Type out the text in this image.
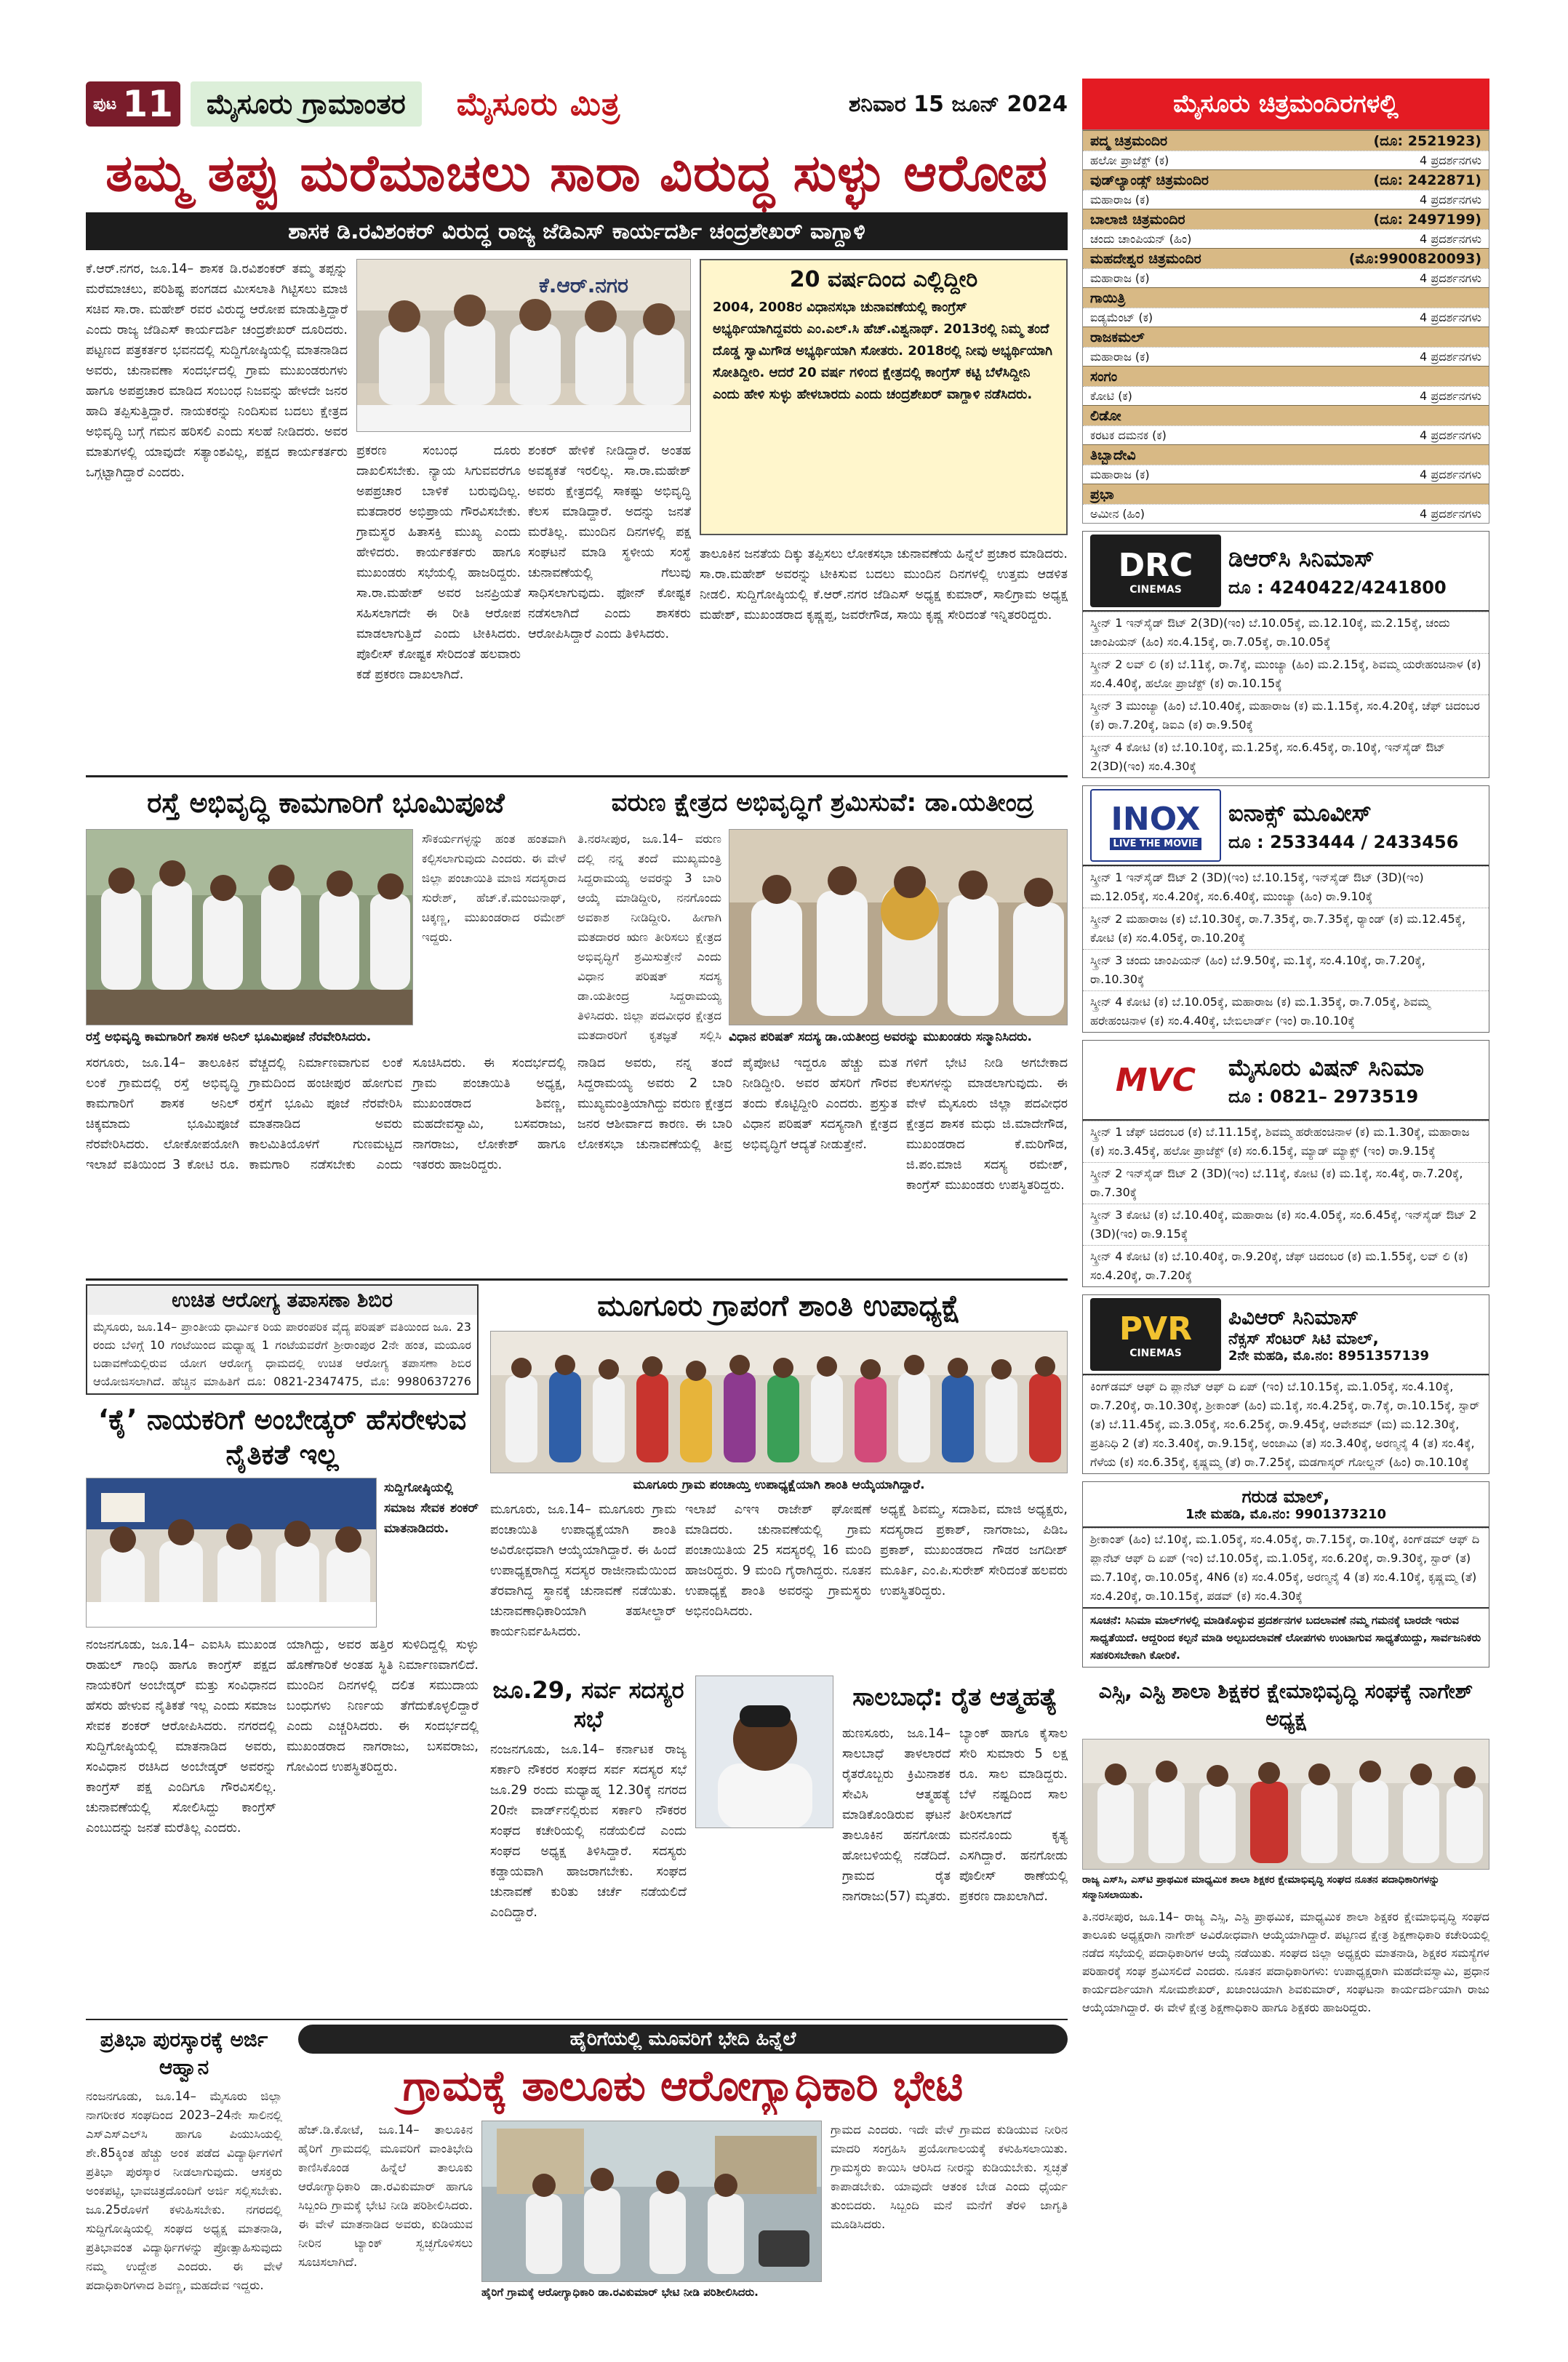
ಪುಟ 11	ಮೈಸೂರು ಗ್ರಾಮಾಂತರ	ಮೈಸೂರು ಮಿತ್ರ	ಶನಿವಾರ 15 ಜೂನ್ 2024
ತಮ್ಮ ತಪ್ಪು ಮರೆಮಾಚಲು ಸಾರಾ ವಿರುದ್ಧ ಸುಳ್ಳು ಆರೋಪ
ಶಾಸಕ ಡಿ.ರವಿಶಂಕರ್ ವಿರುದ್ಧ ರಾಜ್ಯ ಜೆಡಿಎಸ್ ಕಾರ್ಯದರ್ಶಿ ಚಂದ್ರಶೇಖರ್ ವಾಗ್ದಾಳಿ
ಕೆ.ಆರ್.ನಗರ, ಜೂ.14– ಶಾಸಕ ಡಿ.ರವಿಶಂಕರ್ ತಮ್ಮ ತಪ್ಪನ್ನು ಮರೆಮಾಚಲು, ಪರಿಶಿಷ್ಟ ಪಂಗಡದ ಮೀಸಲಾತಿ ಗಿಟ್ಟಿಸಲು ಮಾಜಿ ಸಚಿವ ಸಾ.ರಾ. ಮಹೇಶ್ ರವರ ವಿರುದ್ಧ ಆರೋಪ ಮಾಡುತ್ತಿದ್ದಾರೆ ಎಂದು ರಾಜ್ಯ ಜೆಡಿಎಸ್ ಕಾರ್ಯದರ್ಶಿ ಚಂದ್ರಶೇಖರ್ ದೂರಿದರು. ಪಟ್ಟಣದ ಪತ್ರಕರ್ತರ ಭವನದಲ್ಲಿ ಸುದ್ದಿಗೋಷ್ಠಿಯಲ್ಲಿ ಮಾತನಾಡಿದ ಅವರು, ಚುನಾವಣಾ ಸಂದರ್ಭದಲ್ಲಿ ಗ್ರಾಮ ಮುಖಂಡರುಗಳು ಹಾಗೂ ಅಪಪ್ರಚಾರ ಮಾಡಿದ ಸಂಬಂಧ ನಿಜವನ್ನು ಹೇಳದೇ ಜನರ ಹಾದಿ ತಪ್ಪಿಸುತ್ತಿದ್ದಾರೆ. ನಾಯಕರನ್ನು ನಿಂದಿಸುವ ಬದಲು ಕ್ಷೇತ್ರದ ಅಭಿವೃದ್ಧಿ ಬಗ್ಗೆ ಗಮನ ಹರಿಸಲಿ ಎಂದು ಸಲಹೆ ನೀಡಿದರು. ಅವರ ಮಾತುಗಳಲ್ಲಿ ಯಾವುದೇ ಸತ್ಯಾಂಶವಿಲ್ಲ, ಪಕ್ಷದ ಕಾರ್ಯಕರ್ತರು ಒಗ್ಗಟ್ಟಾಗಿದ್ದಾರೆ ಎಂದರು.
ಕೆ.ಆರ್.ನಗರ
ಪ್ರಕರಣ ಸಂಬಂಧ ದೂರು ದಾಖಲಿಸಬೇಕು. ನ್ಯಾಯ ಸಿಗುವವರೆಗೂ ಅಪಪ್ರಚಾರ ಬಾಳಿಕೆ ಬರುವುದಿಲ್ಲ. ಮತದಾರರ ಅಭಿಪ್ರಾಯ ಗೌರವಿಸಬೇಕು. ಗ್ರಾಮಸ್ಥರ ಹಿತಾಸಕ್ತಿ ಮುಖ್ಯ ಎಂದು ಹೇಳಿದರು. ಕಾರ್ಯಕರ್ತರು ಹಾಗೂ ಮುಖಂಡರು ಸಭೆಯಲ್ಲಿ ಹಾಜರಿದ್ದರು. ಸಾ.ರಾ.ಮಹೇಶ್ ಅವರ ಜನಪ್ರಿಯತೆ ಸಹಿಸಲಾಗದೇ ಈ ರೀತಿ ಆರೋಪ ಮಾಡಲಾಗುತ್ತಿದೆ ಎಂದು ಟೀಕಿಸಿದರು. ಪೊಲೀಸ್ ಕೋಷ್ಟಕ ಸೇರಿದಂತೆ ಹಲವಾರು ಕಡೆ ಪ್ರಕರಣ ದಾಖಲಾಗಿದೆ.
ಶಂಕರ್ ಹೇಳಿಕೆ ನೀಡಿದ್ದಾರೆ. ಅಂತಹ ಅವಶ್ಯಕತೆ ಇರಲಿಲ್ಲ. ಸಾ.ರಾ.ಮಹೇಶ್ ಅವರು ಕ್ಷೇತ್ರದಲ್ಲಿ ಸಾಕಷ್ಟು ಅಭಿವೃದ್ಧಿ ಕೆಲಸ ಮಾಡಿದ್ದಾರೆ. ಅದನ್ನು ಜನತೆ ಮರೆತಿಲ್ಲ. ಮುಂದಿನ ದಿನಗಳಲ್ಲಿ ಪಕ್ಷ ಸಂಘಟನೆ ಮಾಡಿ ಸ್ಥಳೀಯ ಸಂಸ್ಥೆ ಚುನಾವಣೆಯಲ್ಲಿ ಗೆಲುವು ಸಾಧಿಸಲಾಗುವುದು. ಫೋನ್ ಕೋಷ್ಟಕ ನಡೆಸಲಾಗಿದೆ ಎಂದು ಶಾಸಕರು ಆರೋಪಿಸಿದ್ದಾರೆ ಎಂದು ತಿಳಿಸಿದರು.
20 ವರ್ಷದಿಂದ ಎಲ್ಲಿದ್ದೀರಿ
2004, 2008ರ ವಿಧಾನಸಭಾ ಚುನಾವಣೆಯಲ್ಲಿ ಕಾಂಗ್ರೆಸ್ ಅಭ್ಯರ್ಥಿಯಾಗಿದ್ದವರು ಎಂ.ಎಲ್.ಸಿ ಹೆಚ್.ವಿಶ್ವನಾಥ್. 2013ರಲ್ಲಿ ನಿಮ್ಮ ತಂದೆ ದೊಡ್ಡ ಸ್ವಾಮಿಗೌಡ ಅಭ್ಯರ್ಥಿಯಾಗಿ ಸೋತರು. 2018ರಲ್ಲಿ ನೀವು ಅಭ್ಯರ್ಥಿಯಾಗಿ ಸೋತಿದ್ದೀರಿ. ಆದರೆ 20 ವರ್ಷ ಗಳಿಂದ ಕ್ಷೇತ್ರದಲ್ಲಿ ಕಾಂಗ್ರೆಸ್ ಕಟ್ಟಿ ಬೆಳೆಸಿದ್ದೀನಿ ಎಂದು ಹೇಳಿ ಸುಳ್ಳು ಹೇಳಬಾರದು ಎಂದು ಚಂದ್ರಶೇಖರ್ ವಾಗ್ದಾಳಿ ನಡೆಸಿದರು.
ತಾಲೂಕಿನ ಜನತೆಯ ದಿಕ್ಕು ತಪ್ಪಿಸಲು ಲೋಕಸಭಾ ಚುನಾವಣೆಯ ಹಿನ್ನೆಲೆ ಪ್ರಚಾರ ಮಾಡಿದರು. ಸಾ.ರಾ.ಮಹೇಶ್ ಅವರನ್ನು ಟೀಕಿಸುವ ಬದಲು ಮುಂದಿನ ದಿನಗಳಲ್ಲಿ ಉತ್ತಮ ಆಡಳಿತ ನೀಡಲಿ. ಸುದ್ದಿಗೋಷ್ಠಿಯಲ್ಲಿ ಕೆ.ಆರ್.ನಗರ ಜೆಡಿಎಸ್ ಅಧ್ಯಕ್ಷ ಕುಮಾರ್, ಸಾಲಿಗ್ರಾಮ ಅಧ್ಯಕ್ಷ ಮಹೇಶ್, ಮುಖಂಡರಾದ ಕೃಷ್ಣಪ್ಪ, ಜವರೇಗೌಡ, ಸಾಯಿ ಕೃಷ್ಣ ಸೇರಿದಂತೆ ಇನ್ನಿತರರಿದ್ದರು.
ರಸ್ತೆ ಅಭಿವೃದ್ಧಿ ಕಾಮಗಾರಿಗೆ ಭೂಮಿಪೂಜೆ
ಸೌಕರ್ಯಗಳ್ಳನ್ನು ಹಂತ ಹಂತವಾಗಿ ಕಲ್ಪಿಸಲಾಗುವುದು ಎಂದರು. ಈ ವೇಳೆ ಜಿಲ್ಲಾ ಪಂಚಾಯಿತಿ ಮಾಜಿ ಸದಸ್ಯರಾದ ಸುರೇಶ್, ಹೆಚ್.ಕೆ.ಮಂಜುನಾಥ್, ಚಿಕ್ಕಣ್ಣ, ಮುಖಂಡರಾದ ರಮೇಶ್ ಇದ್ದರು.
ರಸ್ತೆ ಅಭಿವೃದ್ಧಿ ಕಾಮಗಾರಿಗೆ ಶಾಸಕ ಅನಿಲ್ ಭೂಮಿಪೂಜೆ ನೆರವೇರಿಸಿದರು.
ಸರಗೂರು, ಜೂ.14– ತಾಲೂಕಿನ ಲಂಕೆ ಗ್ರಾಮದಲ್ಲಿ ರಸ್ತೆ ಅಭಿವೃದ್ಧಿ ಕಾಮಗಾರಿಗೆ ಶಾಸಕ ಅನಿಲ್ ಚಿಕ್ಕಮಾದು ಭೂಮಿಪೂಜೆ ನೆರವೇರಿಸಿದರು. ಲೋಕೋಪಯೋಗಿ ಇಲಾಖೆ ವತಿಯಿಂದ 3 ಕೋಟಿ ರೂ. ವೆಚ್ಚದಲ್ಲಿ ನಿರ್ಮಾಣವಾಗುವ ಲಂಕೆ ಗ್ರಾಮದಿಂದ ಹಂಚೀಪುರ ಹೋಗುವ ರಸ್ತೆಗೆ ಭೂಮಿ ಪೂಜೆ ನೆರವೇರಿಸಿ ಮಾತನಾಡಿದ ಅವರು ಕಾಲಮಿತಿಯೊಳಗೆ ಗುಣಮಟ್ಟದ ಕಾಮಗಾರಿ ನಡೆಸಬೇಕು ಎಂದು ಸೂಚಿಸಿದರು. ಈ ಸಂದರ್ಭದಲ್ಲಿ ಗ್ರಾಮ ಪಂಚಾಯಿತಿ ಅಧ್ಯಕ್ಷ, ಮುಖಂಡರಾದ ಶಿವಣ್ಣ, ಮಹದೇವಸ್ವಾಮಿ, ಬಸವರಾಜು, ನಾಗರಾಜು, ಲೋಕೇಶ್ ಹಾಗೂ ಇತರರು ಹಾಜರಿದ್ದರು.
ವರುಣ ಕ್ಷೇತ್ರದ ಅಭಿವೃದ್ಧಿಗೆ ಶ್ರಮಿಸುವೆ: ಡಾ.ಯತೀಂದ್ರ
ತಿ.ನರಸೀಪುರ, ಜೂ.14– ವರುಣ ದಲ್ಲಿ ನನ್ನ ತಂದೆ ಮುಖ್ಯಮಂತ್ರಿ ಸಿದ್ದರಾಮಯ್ಯ ಅವರನ್ನು 3 ಬಾರಿ ಆಯ್ಕೆ ಮಾಡಿದ್ದೀರಿ, ನನಗೊಂದು ಅವಕಾಶ ನೀಡಿದ್ದೀರಿ. ಹೀಗಾಗಿ ಮತದಾರರ ಋಣ ತೀರಿಸಲು ಕ್ಷೇತ್ರದ ಅಭಿವೃದ್ಧಿಗೆ ಶ್ರಮಿಸುತ್ತೇನೆ ಎಂದು ವಿಧಾನ ಪರಿಷತ್ ಸದಸ್ಯ ಡಾ.ಯತೀಂದ್ರ ಸಿದ್ದರಾಮಯ್ಯ ತಿಳಿಸಿದರು. ಜಿಲ್ಲಾ ಪದವೀಧರ ಕ್ಷೇತ್ರದ ಮತದಾರರಿಗೆ ಕೃತಜ್ಞತೆ ಸಲ್ಲಿಸಿ ವಿಧಾನ ಪರಿಷತ್ ಸದಸ್ಯ ಡಾ.ಯತೀಂದ್ರ ಅವರನ್ನು ಮುಖಂಡರು ಸನ್ಮಾನಿಸಿದರು.
ನಾಡಿದ ಅವರು, ನನ್ನ ತಂದೆ ಸಿದ್ದರಾಮಯ್ಯ ಅವರು 2 ಬಾರಿ ಮುಖ್ಯಮಂತ್ರಿಯಾಗಿದ್ದು ವರುಣ ಕ್ಷೇತ್ರದ ಜನರ ಆಶೀರ್ವಾದ ಕಾರಣ. ಈ ಬಾರಿ ಲೋಕಸಭಾ ಚುನಾವಣೆಯಲ್ಲಿ ತೀವ್ರ ಪೈಪೋಟಿ ಇದ್ದರೂ ಹೆಚ್ಚು ಮತ ನೀಡಿದ್ದೀರಿ. ಅವರ ಹೆಸರಿಗೆ ಗೌರವ ತಂದು ಕೊಟ್ಟಿದ್ದೀರಿ ಎಂದರು. ಪ್ರಸ್ತುತ ವಿಧಾನ ಪರಿಷತ್ ಸದಸ್ಯನಾಗಿ ಕ್ಷೇತ್ರದ ಅಭಿವೃದ್ಧಿಗೆ ಆದ್ಯತೆ ನೀಡುತ್ತೇನೆ.
ಗಳಿಗೆ ಭೇಟಿ ನೀಡಿ ಅಗಬೇಕಾದ ಕೆಲಸಗಳನ್ನು ಮಾಡಲಾಗುವುದು. ಈ ವೇಳೆ ಮೈಸೂರು ಜಿಲ್ಲಾ ಪದವೀಧರ ಕ್ಷೇತ್ರದ ಶಾಸಕ ಮಧು ಜಿ.ಮಾದೇಗೌಡ, ಮುಖಂಡರಾದ ಕೆ.ಮರಿಗೌಡ, ಜಿ.ಪಂ.ಮಾಜಿ ಸದಸ್ಯ ರಮೇಶ್, ಕಾಂಗ್ರೆಸ್ ಮುಖಂಡರು ಉಪಸ್ಥಿತರಿದ್ದರು.
ಉಚಿತ ಆರೋಗ್ಯ ತಪಾಸಣಾ ಶಿಬಿರ
ಮೈಸೂರು, ಜೂ.14– ಪ್ರಾಂತೀಯ ಧಾರ್ಮಿಕ ರಿಯ ಪಾರಂಪರಿಕ ವೈದ್ಯ ಪರಿಷತ್ ವತಿಯಿಂದ ಜೂ. 23 ರಂದು ಬೆಳಿಗ್ಗೆ 10 ಗಂಟೆಯಿಂದ ಮಧ್ಯಾಹ್ನ 1 ಗಂಟೆಯವರೆಗೆ ಶ್ರೀರಾಂಪುರ 2ನೇ ಹಂತ, ಮಯೂರ ಬಡಾವಣೆಯಲ್ಲಿರುವ ಯೋಗ ಆರೋಗ್ಯ ಧಾಮದಲ್ಲಿ ಉಚಿತ ಆರೋಗ್ಯ ತಪಾಸಣಾ ಶಿಬಿರ ಆಯೋಜಿಸಲಾಗಿದೆ. ಹೆಚ್ಚಿನ ಮಾಹಿತಿಗೆ ದೂ: 0821-2347475, ಮೊ: 9980637276
ಮೂಗೂರು ಗ್ರಾಪಂಗೆ ಶಾಂತಿ ಉಪಾಧ್ಯಕ್ಷೆ
ಮೂಗೂರು ಗ್ರಾಮ ಪಂಚಾಯ್ತಿ ಉಪಾಧ್ಯಕ್ಷೆಯಾಗಿ ಶಾಂತಿ ಆಯ್ಕೆಯಾಗಿದ್ದಾರೆ.
ಮೂಗೂರು, ಜೂ.14– ಮೂಗೂರು ಗ್ರಾಮ ಪಂಚಾಯಿತಿ ಉಪಾಧ್ಯಕ್ಷೆಯಾಗಿ ಶಾಂತಿ ಅವಿರೋಧವಾಗಿ ಆಯ್ಕೆಯಾಗಿದ್ದಾರೆ. ಈ ಹಿಂದೆ ಉಪಾಧ್ಯಕ್ಷರಾಗಿದ್ದ ಸದಸ್ಯರ ರಾಜೀನಾಮೆಯಿಂದ ತೆರವಾಗಿದ್ದ ಸ್ಥಾನಕ್ಕೆ ಚುನಾವಣೆ ನಡೆಯಿತು. ಚುನಾವಣಾಧಿಕಾರಿಯಾಗಿ ತಹಸೀಲ್ದಾರ್ ಕಾರ್ಯನಿರ್ವಹಿಸಿದರು.
ಇಲಾಖೆ ಎಇಇ ರಾಜೇಶ್ ಘೋಷಣೆ ಮಾಡಿದರು. ಚುನಾವಣೆಯಲ್ಲಿ ಗ್ರಾಮ ಪಂಚಾಯಿತಿಯ 25 ಸದಸ್ಯರಲ್ಲಿ 16 ಮಂದಿ ಹಾಜರಿದ್ದರು. 9 ಮಂದಿ ಗೈರಾಗಿದ್ದರು. ನೂತನ ಉಪಾಧ್ಯಕ್ಷೆ ಶಾಂತಿ ಅವರನ್ನು ಗ್ರಾಮಸ್ಥರು ಅಭಿನಂದಿಸಿದರು.
ಅಧ್ಯಕ್ಷೆ ಶಿವಮ್ಮ, ಸದಾಶಿವ, ಮಾಜಿ ಅಧ್ಯಕ್ಷರು, ಸದಸ್ಯರಾದ ಪ್ರಕಾಶ್, ನಾಗರಾಜು, ಪಿಡಿಒ ಪ್ರಕಾಶ್, ಮುಖಂಡರಾದ ಗೌಡರ ಜಗದೀಶ್ ಮೂರ್ತಿ, ಎಂ.ಪಿ.ಸುರೇಶ್ ಸೇರಿದಂತೆ ಹಲವರು ಉಪಸ್ಥಿತರಿದ್ದರು.
‘ಕೈ’ ನಾಯಕರಿಗೆ ಅಂಬೇಡ್ಕರ್ ಹೆಸರೇಳುವ ನೈತಿಕತೆ ಇಲ್ಲ
ಸುದ್ದಿಗೋಷ್ಠಿಯಲ್ಲಿ ಸಮಾಜ ಸೇವಕ ಶಂಕರ್ ಮಾತನಾಡಿದರು.
ನಂಜನಗೂಡು, ಜೂ.14– ಎಐಸಿಸಿ ಮುಖಂಡ ರಾಹುಲ್ ಗಾಂಧಿ ಹಾಗೂ ಕಾಂಗ್ರೆಸ್ ಪಕ್ಷದ ನಾಯಕರಿಗೆ ಅಂಬೇಡ್ಕರ್ ಮತ್ತು ಸಂವಿಧಾನದ ಹೆಸರು ಹೇಳುವ ನೈತಿಕತೆ ಇಲ್ಲ ಎಂದು ಸಮಾಜ ಸೇವಕ ಶಂಕರ್ ಆರೋಪಿಸಿದರು. ನಗರದಲ್ಲಿ ಸುದ್ದಿಗೋಷ್ಠಿಯಲ್ಲಿ ಮಾತನಾಡಿದ ಅವರು, ಸಂವಿಧಾನ ರಚಿಸಿದ ಅಂಬೇಡ್ಕರ್ ಅವರನ್ನು ಕಾಂಗ್ರೆಸ್ ಪಕ್ಷ ಎಂದಿಗೂ ಗೌರವಿಸಲಿಲ್ಲ. ಚುನಾವಣೆಯಲ್ಲಿ ಸೋಲಿಸಿದ್ದು ಕಾಂಗ್ರೆಸ್ ಎಂಬುದನ್ನು ಜನತೆ ಮರೆತಿಲ್ಲ ಎಂದರು.
ಯಾಗಿದ್ದು, ಅವರ ಹತ್ತಿರ ಸುಳಿದಿದ್ದಲ್ಲಿ ಸುಳ್ಳು ಹೊಣೆಗಾರಿಕೆ ಅಂತಹ ಸ್ಥಿತಿ ನಿರ್ಮಾಣವಾಗಲಿದೆ. ಮುಂದಿನ ದಿನಗಳಲ್ಲಿ ದಲಿತ ಸಮುದಾಯ ಬಂಧುಗಳು ನಿರ್ಣಯ ತೆಗೆದುಕೊಳ್ಳಲಿದ್ದಾರೆ ಎಂದು ಎಚ್ಚರಿಸಿದರು. ಈ ಸಂದರ್ಭದಲ್ಲಿ ಮುಖಂಡರಾದ ನಾಗರಾಜು, ಬಸವರಾಜು, ಗೋವಿಂದ ಉಪಸ್ಥಿತರಿದ್ದರು.
ಜೂ.29, ಸರ್ವ ಸದಸ್ಯರ ಸಭೆ
ನಂಜನಗೂಡು, ಜೂ.14– ಕರ್ನಾಟಕ ರಾಜ್ಯ ಸರ್ಕಾರಿ ನೌಕರರ ಸಂಘದ ಸರ್ವ ಸದಸ್ಯರ ಸಭೆ ಜೂ.29 ರಂದು ಮಧ್ಯಾಹ್ನ 12.30ಕ್ಕೆ ನಗರದ 20ನೇ ವಾರ್ಡ್‌ನಲ್ಲಿರುವ ಸರ್ಕಾರಿ ನೌಕರರ ಸಂಘದ ಕಚೇರಿಯಲ್ಲಿ ನಡೆಯಲಿದೆ ಎಂದು ಸಂಘದ ಅಧ್ಯಕ್ಷ ತಿಳಿಸಿದ್ದಾರೆ. ಸದಸ್ಯರು ಕಡ್ಡಾಯವಾಗಿ ಹಾಜರಾಗಬೇಕು. ಸಂಘದ ಚುನಾವಣೆ ಕುರಿತು ಚರ್ಚೆ ನಡೆಯಲಿದೆ ಎಂದಿದ್ದಾರೆ.
ಸಾಲಬಾಧೆ: ರೈತ ಆತ್ಮಹತ್ಯೆ
ಹುಣಸೂರು, ಜೂ.14– ಸಾಲಬಾಧೆ ತಾಳಲಾರದೆ ರೈತರೊಬ್ಬರು ಕ್ರಿಮಿನಾಶಕ ಸೇವಿಸಿ ಆತ್ಮಹತ್ಯೆ ಮಾಡಿಕೊಂಡಿರುವ ಘಟನೆ ತಾಲೂಕಿನ ಹನಗೋಡು ಹೋಬಳಿಯಲ್ಲಿ ನಡೆದಿದೆ. ಗ್ರಾಮದ ರೈತ ನಾಗರಾಜು(57) ಮೃತರು. ಬ್ಯಾಂಕ್ ಹಾಗೂ ಕೈಸಾಲ ಸೇರಿ ಸುಮಾರು 5 ಲಕ್ಷ ರೂ. ಸಾಲ ಮಾಡಿದ್ದರು. ಬೆಳೆ ನಷ್ಟದಿಂದ ಸಾಲ ತೀರಿಸಲಾಗದೆ ಮನನೊಂದು ಕೃತ್ಯ ಎಸಗಿದ್ದಾರೆ. ಹನಗೋಡು ಪೊಲೀಸ್ ಠಾಣೆಯಲ್ಲಿ ಪ್ರಕರಣ ದಾಖಲಾಗಿದೆ.
ಪ್ರತಿಭಾ ಪುರಸ್ಕಾರಕ್ಕೆ ಅರ್ಜಿ ಆಹ್ವಾನ
ನಂಜನಗೂಡು, ಜೂ.14– ಮೈಸೂರು ಜಿಲ್ಲಾ ನಾಗರೀಕರ ಸಂಘದಿಂದ 2023–24ನೇ ಸಾಲಿನಲ್ಲಿ ಎಸ್ಎಸ್ಎಲ್‌ಸಿ ಹಾಗೂ ಪಿಯುಸಿಯಲ್ಲಿ ಶೇ.85ಕ್ಕಿಂತ ಹೆಚ್ಚು ಅಂಕ ಪಡೆದ ವಿದ್ಯಾರ್ಥಿಗಳಿಗೆ ಪ್ರತಿಭಾ ಪುರಸ್ಕಾರ ನೀಡಲಾಗುವುದು. ಆಸಕ್ತರು ಅಂಕಪಟ್ಟಿ, ಭಾವಚಿತ್ರದೊಂದಿಗೆ ಅರ್ಜಿ ಸಲ್ಲಿಸಬೇಕು. ಜೂ.25ರೊಳಗೆ ಕಳುಹಿಸಬೇಕು. ನಗರದಲ್ಲಿ ಸುದ್ದಿಗೋಷ್ಠಿಯಲ್ಲಿ ಸಂಘದ ಅಧ್ಯಕ್ಷ ಮಾತನಾಡಿ, ಪ್ರತಿಭಾವಂತ ವಿದ್ಯಾರ್ಥಿಗಳನ್ನು ಪ್ರೋತ್ಸಾಹಿಸುವುದು ನಮ್ಮ ಉದ್ದೇಶ ಎಂದರು. ಈ ವೇಳೆ ಪದಾಧಿಕಾರಿಗಳಾದ ಶಿವಣ್ಣ, ಮಹದೇವ ಇದ್ದರು.
ಹೈರಿಗೆಯಲ್ಲಿ ಮೂವರಿಗೆ ಭೇದಿ ಹಿನ್ನೆಲೆ
ಗ್ರಾಮಕ್ಕೆ ತಾಲೂಕು ಆರೋಗ್ಯಾಧಿಕಾರಿ ಭೇಟಿ
ಹೆಚ್.ಡಿ.ಕೋಟೆ, ಜೂ.14– ತಾಲೂಕಿನ ಹೈರಿಗೆ ಗ್ರಾಮದಲ್ಲಿ ಮೂವರಿಗೆ ವಾಂತಿಭೇದಿ ಕಾಣಿಸಿಕೊಂಡ ಹಿನ್ನೆಲೆ ತಾಲೂಕು ಆರೋಗ್ಯಾಧಿಕಾರಿ ಡಾ.ರವಿಕುಮಾರ್ ಹಾಗೂ ಸಿಬ್ಬಂದಿ ಗ್ರಾಮಕ್ಕೆ ಭೇಟಿ ನೀಡಿ ಪರಿಶೀಲಿಸಿದರು. ಈ ವೇಳೆ ಮಾತನಾಡಿದ ಅವರು, ಕುಡಿಯುವ ನೀರಿನ ಟ್ಯಾಂಕ್ ಸ್ವಚ್ಛಗೊಳಿಸಲು ಸೂಚಿಸಲಾಗಿದೆ.
ಹೈರಿಗೆ ಗ್ರಾಮಕ್ಕೆ ಆರೋಗ್ಯಾಧಿಕಾರಿ ಡಾ.ರವಿಕುಮಾರ್ ಭೇಟಿ ನೀಡಿ ಪರಿಶೀಲಿಸಿದರು.
ಗ್ರಾಮದ ಎಂದರು. ಇದೇ ವೇಳೆ ಗ್ರಾಮದ ಕುಡಿಯುವ ನೀರಿನ ಮಾದರಿ ಸಂಗ್ರಹಿಸಿ ಪ್ರಯೋಗಾಲಯಕ್ಕೆ ಕಳುಹಿಸಲಾಯಿತು. ಗ್ರಾಮಸ್ಥರು ಕಾಯಿಸಿ ಆರಿಸಿದ ನೀರನ್ನು ಕುಡಿಯಬೇಕು. ಸ್ವಚ್ಛತೆ ಕಾಪಾಡಬೇಕು. ಯಾವುದೇ ಆತಂಕ ಬೇಡ ಎಂದು ಧೈರ್ಯ ತುಂಬಿದರು. ಸಿಬ್ಬಂದಿ ಮನೆ ಮನೆಗೆ ತೆರಳಿ ಜಾಗೃತಿ ಮೂಡಿಸಿದರು.
ಮೈಸೂರು ಚಿತ್ರಮಂದಿರಗಳಲ್ಲಿ
ಪದ್ಮ ಚಿತ್ರಮಂದಿರ	(ದೂ: 2521923)
ಹಲೋ ಪ್ರಾಜೆಕ್ಟ್ (ಕ)	4 ಪ್ರದರ್ಶನಗಳು
ವುಡ್‌ಲ್ಯಾಂಡ್ಸ್ ಚಿತ್ರಮಂದಿರ	(ದೂ: 2422871)
ಮಹಾರಾಜ (ಕ)	4 ಪ್ರದರ್ಶನಗಳು
ಬಾಲಾಜಿ ಚಿತ್ರಮಂದಿರ	(ದೂ: 2497199)
ಚಂದು ಚಾಂಪಿಯನ್ (ಹಿಂ)	4 ಪ್ರದರ್ಶನಗಳು
ಮಹದೇಶ್ವರ ಚಿತ್ರಮಂದಿರ	(ಮೊ:9900820093)
ಮಹಾರಾಜ (ಕ)	4 ಪ್ರದರ್ಶನಗಳು
ಗಾಯಿತ್ರಿ
ಐಡ್ಯಮೆಂಟ್ (ಕ)	4 ಪ್ರದರ್ಶನಗಳು
ರಾಜಕಮಲ್
ಮಹಾರಾಜ (ಕ)	4 ಪ್ರದರ್ಶನಗಳು
ಸಂಗಂ
ಕೋಟಿ (ಕ)	4 ಪ್ರದರ್ಶನಗಳು
ಲಿಡೋ
ಕರಟಕ ದಮನಕ (ಕ)	4 ಪ್ರದರ್ಶನಗಳು
ತಿಬ್ಬಾದೇವಿ
ಮಹಾರಾಜ (ಕ)	4 ಪ್ರದರ್ಶನಗಳು
ಪ್ರಭಾ
ಅಮೀನ (ಹಿಂ)	4 ಪ್ರದರ್ಶನಗಳು
DRC
CINEMAS
ಡಿಆರ್‌ಸಿ ಸಿನಿಮಾಸ್
ದೂ : 4240422/4241800
ಸ್ಕ್ರೀನ್ 1 ಇನ್‌ಸೈಡ್ ಔಟ್ 2(3D)(ಇಂ) ಬೆ.10.05ಕ್ಕೆ, ಮ.12.10ಕ್ಕೆ, ಮ.2.15ಕ್ಕೆ, ಚಂದು ಚಾಂಪಿಯನ್ (ಹಿಂ) ಸಂ.4.15ಕ್ಕೆ, ರಾ.7.05ಕ್ಕೆ, ರಾ.10.05ಕ್ಕೆ
ಸ್ಕ್ರೀನ್ 2 ಲವ್ ಲಿ (ಕ) ಬೆ.11ಕ್ಕೆ, ರಾ.7ಕ್ಕೆ, ಮುಂಜ್ಯಾ (ಹಿಂ) ಮ.2.15ಕ್ಕೆ, ಶಿವಮ್ಮ ಯರೇಹಂಚಿನಾಳ (ಕ) ಸಂ.4.40ಕ್ಕೆ, ಹಲೋ ಪ್ರಾಜೆಕ್ಟ್ (ಕ) ರಾ.10.15ಕ್ಕೆ
ಸ್ಕ್ರೀನ್ 3 ಮುಂಜ್ಯಾ (ಹಿಂ) ಬೆ.10.40ಕ್ಕೆ, ಮಹಾರಾಜ (ಕ) ಮ.1.15ಕ್ಕೆ, ಸಂ.4.20ಕ್ಕೆ, ಚೆಫ್ ಚಿದಂಬರ (ಕ) ರಾ.7.20ಕ್ಕೆ, ಡಿಐಎ (ಕ) ರಾ.9.50ಕ್ಕೆ
ಸ್ಕ್ರೀನ್ 4 ಕೋಟಿ (ಕ) ಬೆ.10.10ಕ್ಕೆ, ಮ.1.25ಕ್ಕೆ, ಸಂ.6.45ಕ್ಕೆ, ರಾ.10ಕ್ಕೆ, ಇನ್‌ಸೈಡ್ ಔಟ್ 2(3D)(ಇಂ) ಸಂ.4.30ಕ್ಕೆ
INOX
LIVE THE MOVIE
ಐನಾಕ್ಸ್ ಮೂವೀಸ್
ದೂ : 2533444 / 2433456
ಸ್ಕ್ರೀನ್ 1 ಇನ್‌ಸೈಡ್ ಔಟ್ 2 (3D)(ಇಂ) ಬೆ.10.15ಕ್ಕೆ, ಇನ್‌ಸೈಡ್ ಔಟ್ (3D)(ಇಂ) ಮ.12.05ಕ್ಕೆ, ಸಂ.4.20ಕ್ಕೆ, ಸಂ.6.40ಕ್ಕೆ, ಮುಂಜ್ಯಾ (ಹಿಂ) ರಾ.9.10ಕ್ಕೆ
ಸ್ಕ್ರೀನ್ 2 ಮಹಾರಾಜ (ಕ) ಬೆ.10.30ಕ್ಕೆ, ರಾ.7.35ಕ್ಕೆ, ರಾ.7.35ಕ್ಕೆ, ರ್‍ಯಾಂಡ್ (ಕ) ಮ.12.45ಕ್ಕೆ, ಕೋಟಿ (ಕ) ಸಂ.4.05ಕ್ಕೆ, ರಾ.10.20ಕ್ಕೆ
ಸ್ಕ್ರೀನ್ 3 ಚಂದು ಚಾಂಪಿಯನ್ (ಹಿಂ) ಬೆ.9.50ಕ್ಕೆ, ಮ.1ಕ್ಕೆ, ಸಂ.4.10ಕ್ಕೆ, ರಾ.7.20ಕ್ಕೆ, ರಾ.10.30ಕ್ಕೆ
ಸ್ಕ್ರೀನ್ 4 ಕೋಟಿ (ಕ) ಬೆ.10.05ಕ್ಕೆ, ಮಹಾರಾಜ (ಕ) ಮ.1.35ಕ್ಕೆ, ರಾ.7.05ಕ್ಕೆ, ಶಿವಮ್ಮ ಹರೇಹಂಚಿನಾಳ (ಕ) ಸಂ.4.40ಕ್ಕೆ, ಬೇಬಿಲಾರ್ಡ್ (ಇಂ) ರಾ.10.10ಕ್ಕೆ
MVC ಮೈಸೂರು ವಿಷನ್ ಸಿನಿಮಾ
ದೂ : 0821– 2973519
ಸ್ಕ್ರೀನ್ 1 ಚೆಫ್ ಚಿದಂಬರ (ಕ) ಬೆ.11.15ಕ್ಕೆ, ಶಿವಮ್ಮ ಹರೇಹಂಚಿನಾಳ (ಕ) ಮ.1.30ಕ್ಕೆ, ಮಹಾರಾಜ (ಕ) ಸಂ.3.45ಕ್ಕೆ, ಹಲೋ ಪ್ರಾಜೆಕ್ಟ್ (ಕ) ಸಂ.6.15ಕ್ಕೆ, ಮ್ಯಾಡ್ ಮ್ಯಾಕ್ಸ್ (ಇಂ) ರಾ.9.15ಕ್ಕೆ
ಸ್ಕ್ರೀನ್ 2 ಇನ್‌ಸೈಡ್ ಔಟ್ 2 (3D)(ಇಂ) ಬೆ.11ಕ್ಕೆ, ಕೋಟಿ (ಕ) ಮ.1ಕ್ಕೆ, ಸಂ.4ಕ್ಕೆ, ರಾ.7.20ಕ್ಕೆ, ರಾ.7.30ಕ್ಕೆ
ಸ್ಕ್ರೀನ್ 3 ಕೋಟಿ (ಕ) ಬೆ.10.40ಕ್ಕೆ, ಮಹಾರಾಜ (ಕ) ಸಂ.4.05ಕ್ಕೆ, ಸಂ.6.45ಕ್ಕೆ, ಇನ್‌ಸೈಡ್ ಔಟ್ 2 (3D)(ಇಂ) ರಾ.9.15ಕ್ಕೆ
ಸ್ಕ್ರೀನ್ 4 ಕೋಟಿ (ಕ) ಬೆ.10.40ಕ್ಕೆ, ರಾ.9.20ಕ್ಕೆ, ಚೆಫ್ ಚಿದಂಬರ (ಕ) ಮ.1.55ಕ್ಕೆ, ಲವ್ ಲಿ (ಕ) ಸಂ.4.20ಕ್ಕೆ, ರಾ.7.20ಕ್ಕೆ
PVR
CINEMAS
ಪಿವಿಆರ್ ಸಿನಿಮಾಸ್
ನೆಕ್ಸಸ್ ಸೆಂಟರ್ ಸಿಟಿ ಮಾಲ್,
2ನೇ ಮಹಡಿ, ಮೊ.ನಂ: 8951357139
ಕಿಂಗ್‌ಡಮ್ ಆಫ್ ದಿ ಪ್ಲಾನೆಟ್ ಆಫ್ ದಿ ಏಪ್ (ಇಂ) ಬೆ.10.15ಕ್ಕೆ, ಮ.1.05ಕ್ಕೆ, ಸಂ.4.10ಕ್ಕೆ, ರಾ.7.20ಕ್ಕೆ, ರಾ.10.30ಕ್ಕೆ, ಶ್ರೀಕಾಂತ್ (ಹಿಂ) ಮ.1ಕ್ಕೆ, ಸಂ.4.25ಕ್ಕೆ, ರಾ.7ಕ್ಕೆ, ರಾ.10.15ಕ್ಕೆ, ಸ್ಟಾರ್ (ತ) ಬೆ.11.45ಕ್ಕೆ, ಮ.3.05ಕ್ಕೆ, ಸಂ.6.25ಕ್ಕೆ, ರಾ.9.45ಕ್ಕೆ, ಆವೇಶಮ್ (ಮ) ಮ.12.30ಕ್ಕೆ, ಪ್ರತಿನಿಧಿ 2 (ತೆ) ಸಂ.3.40ಕ್ಕೆ, ರಾ.9.15ಕ್ಕೆ, ಅಂಜಾಮಿ (ತ) ಸಂ.3.40ಕ್ಕೆ, ಅರಣ್ಮನೈ 4 (ತ) ಸಂ.4ಕ್ಕೆ, ಗೆಳೆಯ (ಕ) ಸಂ.6.35ಕ್ಕೆ, ಕೃಷ್ಣಮ್ಮ (ತೆ) ರಾ.7.25ಕ್ಕೆ, ಮಡಗಾಸ್ಕರ್ ಗೋಲ್ಡನ್ (ಹಿಂ) ರಾ.10.10ಕ್ಕೆ
ಗರುಡ ಮಾಲ್,
1ನೇ ಮಹಡಿ, ಮೊ.ನಂ: 9901373210
ಶ್ರೀಕಾಂತ್ (ಹಿಂ) ಬೆ.10ಕ್ಕೆ, ಮ.1.05ಕ್ಕೆ, ಸಂ.4.05ಕ್ಕೆ, ರಾ.7.15ಕ್ಕೆ, ರಾ.10ಕ್ಕೆ, ಕಿಂಗ್‌ಡಮ್ ಆಫ್ ದಿ ಪ್ಲಾನೆಟ್ ಆಫ್ ದಿ ಏಪ್ (ಇಂ) ಬೆ.10.05ಕ್ಕೆ, ಮ.1.05ಕ್ಕೆ, ಸಂ.6.20ಕ್ಕೆ, ರಾ.9.30ಕ್ಕೆ, ಸ್ಟಾರ್ (ತ) ಮ.7.10ಕ್ಕೆ, ರಾ.10.05ಕ್ಕೆ, 4N6 (ಕ) ಸಂ.4.05ಕ್ಕೆ, ಅರಣ್ಮನೈ 4 (ತ) ಸಂ.4.10ಕ್ಕೆ, ಕೃಷ್ಣಮ್ಮ (ತೆ) ಸಂ.4.20ಕ್ಕೆ, ರಾ.10.15ಕ್ಕೆ, ಪಡವ್ (ಕ) ಸಂ.4.30ಕ್ಕೆ
ಸೂಚನೆ: ಸಿನಿಮಾ ಮಾಲ್‌ಗಳಲ್ಲಿ ಮಾಡಿಕೊಳ್ಳುವ ಪ್ರದರ್ಶನಗಳ ಬದಲಾವಣೆ ನಮ್ಮ ಗಮನಕ್ಕೆ ಬಾರದೇ ಇರುವ ಸಾಧ್ಯತೆಯಿದೆ. ಆದ್ದರಿಂದ ಕಲ್ಪನೆ ಮಾಡಿ ಅಲ್ಪಬದಲಾವಣೆ ಲೋಪಗಳು ಉಂಟಾಗುವ ಸಾಧ್ಯತೆಯಿದ್ದು, ಸಾರ್ವಜನಿಕರು ಸಹಕರಿಸಬೇಕಾಗಿ ಕೋರಿಕೆ.
ಎಸ್ಸಿ, ಎಸ್ಟಿ ಶಾಲಾ ಶಿಕ್ಷಕರ ಕ್ಷೇಮಾಭಿವೃದ್ಧಿ ಸಂಘಕ್ಕೆ ನಾಗೇಶ್ ಅಧ್ಯಕ್ಷ
ರಾಜ್ಯ ಎಸ್‌ಸಿ, ಎಸ್‌ಟಿ ಪ್ರಾಥಮಿಕ ಮಾಧ್ಯಮಿಕ ಶಾಲಾ ಶಿಕ್ಷಕರ ಕ್ಷೇಮಾಭಿವೃದ್ಧಿ ಸಂಘದ ನೂತನ ಪದಾಧಿಕಾರಿಗಳನ್ನು ಸನ್ಮಾನಿಸಲಾಯಿತು.
ತಿ.ನರಸೀಪುರ, ಜೂ.14– ರಾಜ್ಯ ಎಸ್ಸಿ, ಎಸ್ಟಿ ಪ್ರಾಥಮಿಕ, ಮಾಧ್ಯಮಿಕ ಶಾಲಾ ಶಿಕ್ಷಕರ ಕ್ಷೇಮಾಭಿವೃದ್ಧಿ ಸಂಘದ ತಾಲೂಕು ಅಧ್ಯಕ್ಷರಾಗಿ ನಾಗೇಶ್ ಅವಿರೋಧವಾಗಿ ಆಯ್ಕೆಯಾಗಿದ್ದಾರೆ. ಪಟ್ಟಣದ ಕ್ಷೇತ್ರ ಶಿಕ್ಷಣಾಧಿಕಾರಿ ಕಚೇರಿಯಲ್ಲಿ ನಡೆದ ಸಭೆಯಲ್ಲಿ ಪದಾಧಿಕಾರಿಗಳ ಆಯ್ಕೆ ನಡೆಯಿತು. ಸಂಘದ ಜಿಲ್ಲಾ ಅಧ್ಯಕ್ಷರು ಮಾತನಾಡಿ, ಶಿಕ್ಷಕರ ಸಮಸ್ಯೆಗಳ ಪರಿಹಾರಕ್ಕೆ ಸಂಘ ಶ್ರಮಿಸಲಿದೆ ಎಂದರು. ನೂತನ ಪದಾಧಿಕಾರಿಗಳು: ಉಪಾಧ್ಯಕ್ಷರಾಗಿ ಮಹದೇವಸ್ವಾಮಿ, ಪ್ರಧಾನ ಕಾರ್ಯದರ್ಶಿಯಾಗಿ ಸೋಮಶೇಖರ್, ಖಜಾಂಚಿಯಾಗಿ ಶಿವಕುಮಾರ್, ಸಂಘಟನಾ ಕಾರ್ಯದರ್ಶಿಯಾಗಿ ರಾಜು ಆಯ್ಕೆಯಾಗಿದ್ದಾರೆ. ಈ ವೇಳೆ ಕ್ಷೇತ್ರ ಶಿಕ್ಷಣಾಧಿಕಾರಿ ಹಾಗೂ ಶಿಕ್ಷಕರು ಹಾಜರಿದ್ದರು.
